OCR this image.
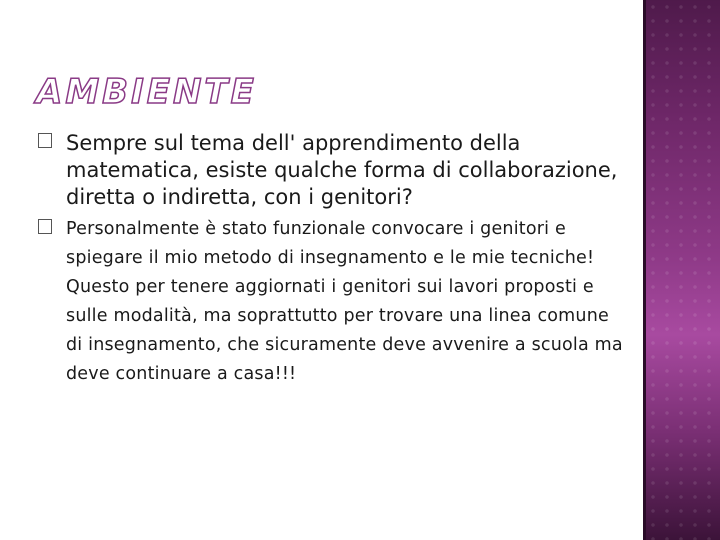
AMBIENTE
Sempre sul tema dell' apprendimento della matematica, esiste qualche forma di collaborazione, diretta o indiretta, con i genitori?
Personalmente è stato funzionale convocare i genitori e spiegare il mio metodo di insegnamento e le mie tecniche! Questo per tenere aggiornati i genitori sui lavori proposti e sulle modalità, ma soprattutto per trovare una linea comune di insegnamento, che sicuramente deve avvenire a scuola ma deve continuare a casa!!!
